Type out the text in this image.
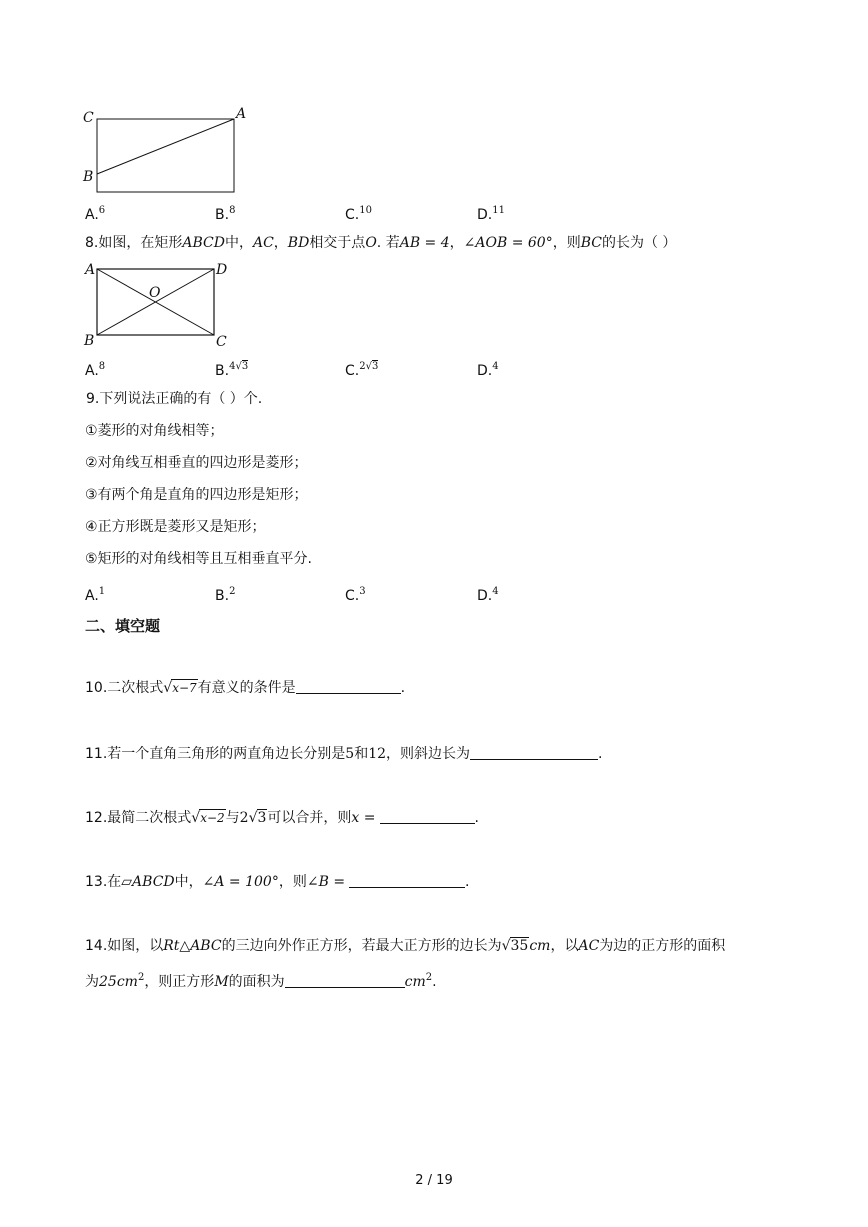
C	A
B
A.$^6$	B.$^8$	C.$^{10}$	D.$^{11}$
8.如图，在矩形ABCD中，AC，BD相交于点O. 若AB = 4，∠AOB = 60°，则BC的长为（ ）
A	D
O
B	C
A.$^8$	B.$^{4√3}$	C.$^{2√3}$	D.$^4$
9.下列说法正确的有（ ）个.
①菱形的对角线相等；
②对角线互相垂直的四边形是菱形；
③有两个角是直角的四边形是矩形；
④正方形既是菱形又是矩形；
⑤矩形的对角线相等且互相垂直平分.
A.$^1$	B.$^2$	C.$^3$	D.$^4$
二、填空题
10.二次根式√x−7有意义的条件是	.
11.若一个直角三角形的两直角边长分别是5和12，则斜边长为	.
12.最简二次根式√x−2与2√3可以合并，则x =	.
13.在▱ABCD中，∠A = 100°，则∠B =	.
14.如图，以Rt△ABC的三边向外作正方形，若最大正方形的边长为√35cm，以AC为边的正方形的面积
为$25cm^2$，则正方形M的面积为	$cm^2$.
2 / 19
